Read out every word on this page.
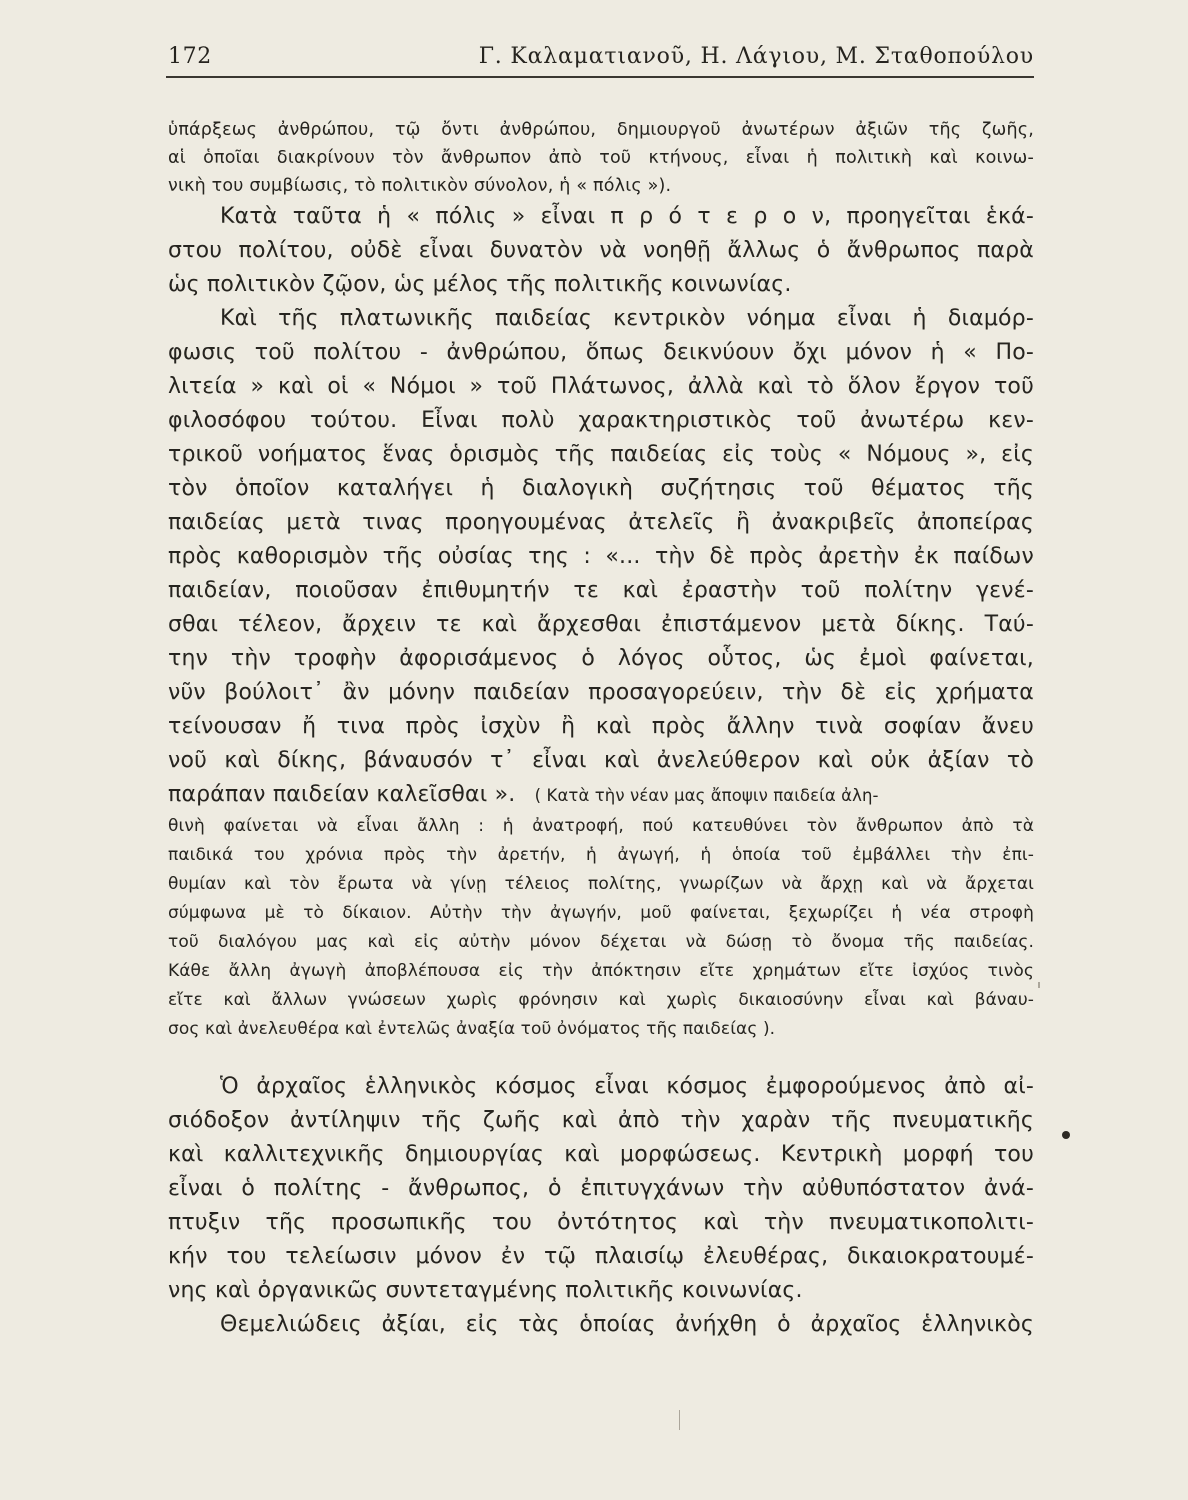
172	Γ. Καλαματιανοῦ, Η. Λάγιου, Μ. Σταθοπούλου
ὑπάρξεως ἀνθρώπου, τῷ ὄντι ἀνθρώπου, δημιουργοῦ ἀνωτέρων ἀξιῶν τῆς ζωῆς,
αἱ ὁποῖαι διακρίνουν τὸν ἄνθρωπον ἀπὸ τοῦ κτήνους, εἶναι ἡ πολιτικὴ καὶ κοινω-
νικὴ του συμβίωσις, τὸ πολιτικὸν σύνολον, ἡ « πόλις »).
Κατὰ ταῦτα ἡ « πόλις » εἶναι π ρ ό τ ε ρ ο ν, προηγεῖται ἑκά-
στου πολίτου, οὐδὲ εἶναι δυνατὸν νὰ νοηθῇ ἄλλως ὁ ἄνθρωπος παρὰ
ὡς πολιτικὸν ζῷον, ὡς μέλος τῆς πολιτικῆς κοινωνίας.
Καὶ τῆς πλατωνικῆς παιδείας κεντρικὸν νόημα εἶναι ἡ διαμόρ-
φωσις τοῦ πολίτου - ἀνθρώπου, ὅπως δεικνύουν ὄχι μόνον ἡ « Πο-
λιτεία » καὶ οἱ « Νόμοι » τοῦ Πλάτωνος, ἀλλὰ καὶ τὸ ὅλον ἔργον τοῦ
φιλοσόφου τούτου. Εἶναι πολὺ χαρακτηριστικὸς τοῦ ἀνωτέρω κεν-
τρικοῦ νοήματος ἕνας ὁρισμὸς τῆς παιδείας εἰς τοὺς « Νόμους », εἰς
τὸν ὁποῖον καταλήγει ἡ διαλογικὴ συζήτησις τοῦ θέματος τῆς
παιδείας μετὰ τινας προηγουμένας ἀτελεῖς ἢ ἀνακριβεῖς ἀποπείρας
πρὸς καθορισμὸν τῆς οὐσίας της : «... τὴν δὲ πρὸς ἀρετὴν ἐκ παίδων
παιδείαν, ποιοῦσαν ἐπιθυμητήν τε καὶ ἐραστὴν τοῦ πολίτην γενέ-
σθαι τέλεον, ἄρχειν τε καὶ ἄρχεσθαι ἐπιστάμενον μετὰ δίκης. Ταύ-
την τὴν τροφὴν ἀφορισάμενος ὁ λόγος οὗτος, ὡς ἐμοὶ φαίνεται,
νῦν βούλοιτ᾽ ἂν μόνην παιδείαν προσαγορεύειν, τὴν δὲ εἰς χρήματα
τείνουσαν ἤ τινα πρὸς ἰσχὺν ἢ καὶ πρὸς ἄλλην τινὰ σοφίαν ἄνευ
νοῦ καὶ δίκης, βάναυσόν τ᾽ εἶναι καὶ ἀνελεύθερον καὶ οὐκ ἀξίαν τὸ
παράπαν παιδείαν καλεῖσθαι ». ( Κατὰ τὴν νέαν μας ἄποψιν παιδεία ἀλη-
θινὴ φαίνεται νὰ εἶναι ἄλλη : ἡ ἀνατροφή, πού κατευθύνει τὸν ἄνθρωπον ἀπὸ τὰ
παιδικά του χρόνια πρὸς τὴν ἀρετήν, ἡ ἀγωγή, ἡ ὁποία τοῦ ἐμβάλλει τὴν ἐπι-
θυμίαν καὶ τὸν ἔρωτα νὰ γίνῃ τέλειος πολίτης, γνωρίζων νὰ ἄρχῃ καὶ νὰ ἄρχεται
σύμφωνα μὲ τὸ δίκαιον. Αὐτὴν τὴν ἀγωγήν, μοῦ φαίνεται, ξεχωρίζει ἡ νέα στροφὴ
τοῦ διαλόγου μας καὶ εἰς αὐτὴν μόνον δέχεται νὰ δώσῃ τὸ ὄνομα τῆς παιδείας.
Κάθε ἄλλη ἀγωγὴ ἀποβλέπουσα εἰς τὴν ἀπόκτησιν εἴτε χρημάτων εἴτε ἰσχύος τινὸς
εἴτε καὶ ἄλλων γνώσεων χωρὶς φρόνησιν καὶ χωρὶς δικαιοσύνην εἶναι καὶ βάναυ-
σος καὶ ἀνελευθέρα καὶ ἐντελῶς ἀναξία τοῦ ὀνόματος τῆς παιδείας ).
Ὁ ἀρχαῖος ἑλληνικὸς κόσμος εἶναι κόσμος ἐμφορούμενος ἀπὸ αἰ-
σιόδοξον ἀντίληψιν τῆς ζωῆς καὶ ἀπὸ τὴν χαρὰν τῆς πνευματικῆς
καὶ καλλιτεχνικῆς δημιουργίας καὶ μορφώσεως. Κεντρικὴ μορφή του
εἶναι ὁ πολίτης - ἄνθρωπος, ὁ ἐπιτυγχάνων τὴν αὐθυπόστατον ἀνά-
πτυξιν τῆς προσωπικῆς του ὀντότητος καὶ τὴν πνευματικοπολιτι-
κήν του τελείωσιν μόνον ἐν τῷ πλαισίῳ ἐλευθέρας, δικαιοκρατουμέ-
νης καὶ ὀργανικῶς συντεταγμένης πολιτικῆς κοινωνίας.
Θεμελιώδεις ἀξίαι, εἰς τὰς ὁποίας ἀνήχθη ὁ ἀρχαῖος ἑλληνικὸς
